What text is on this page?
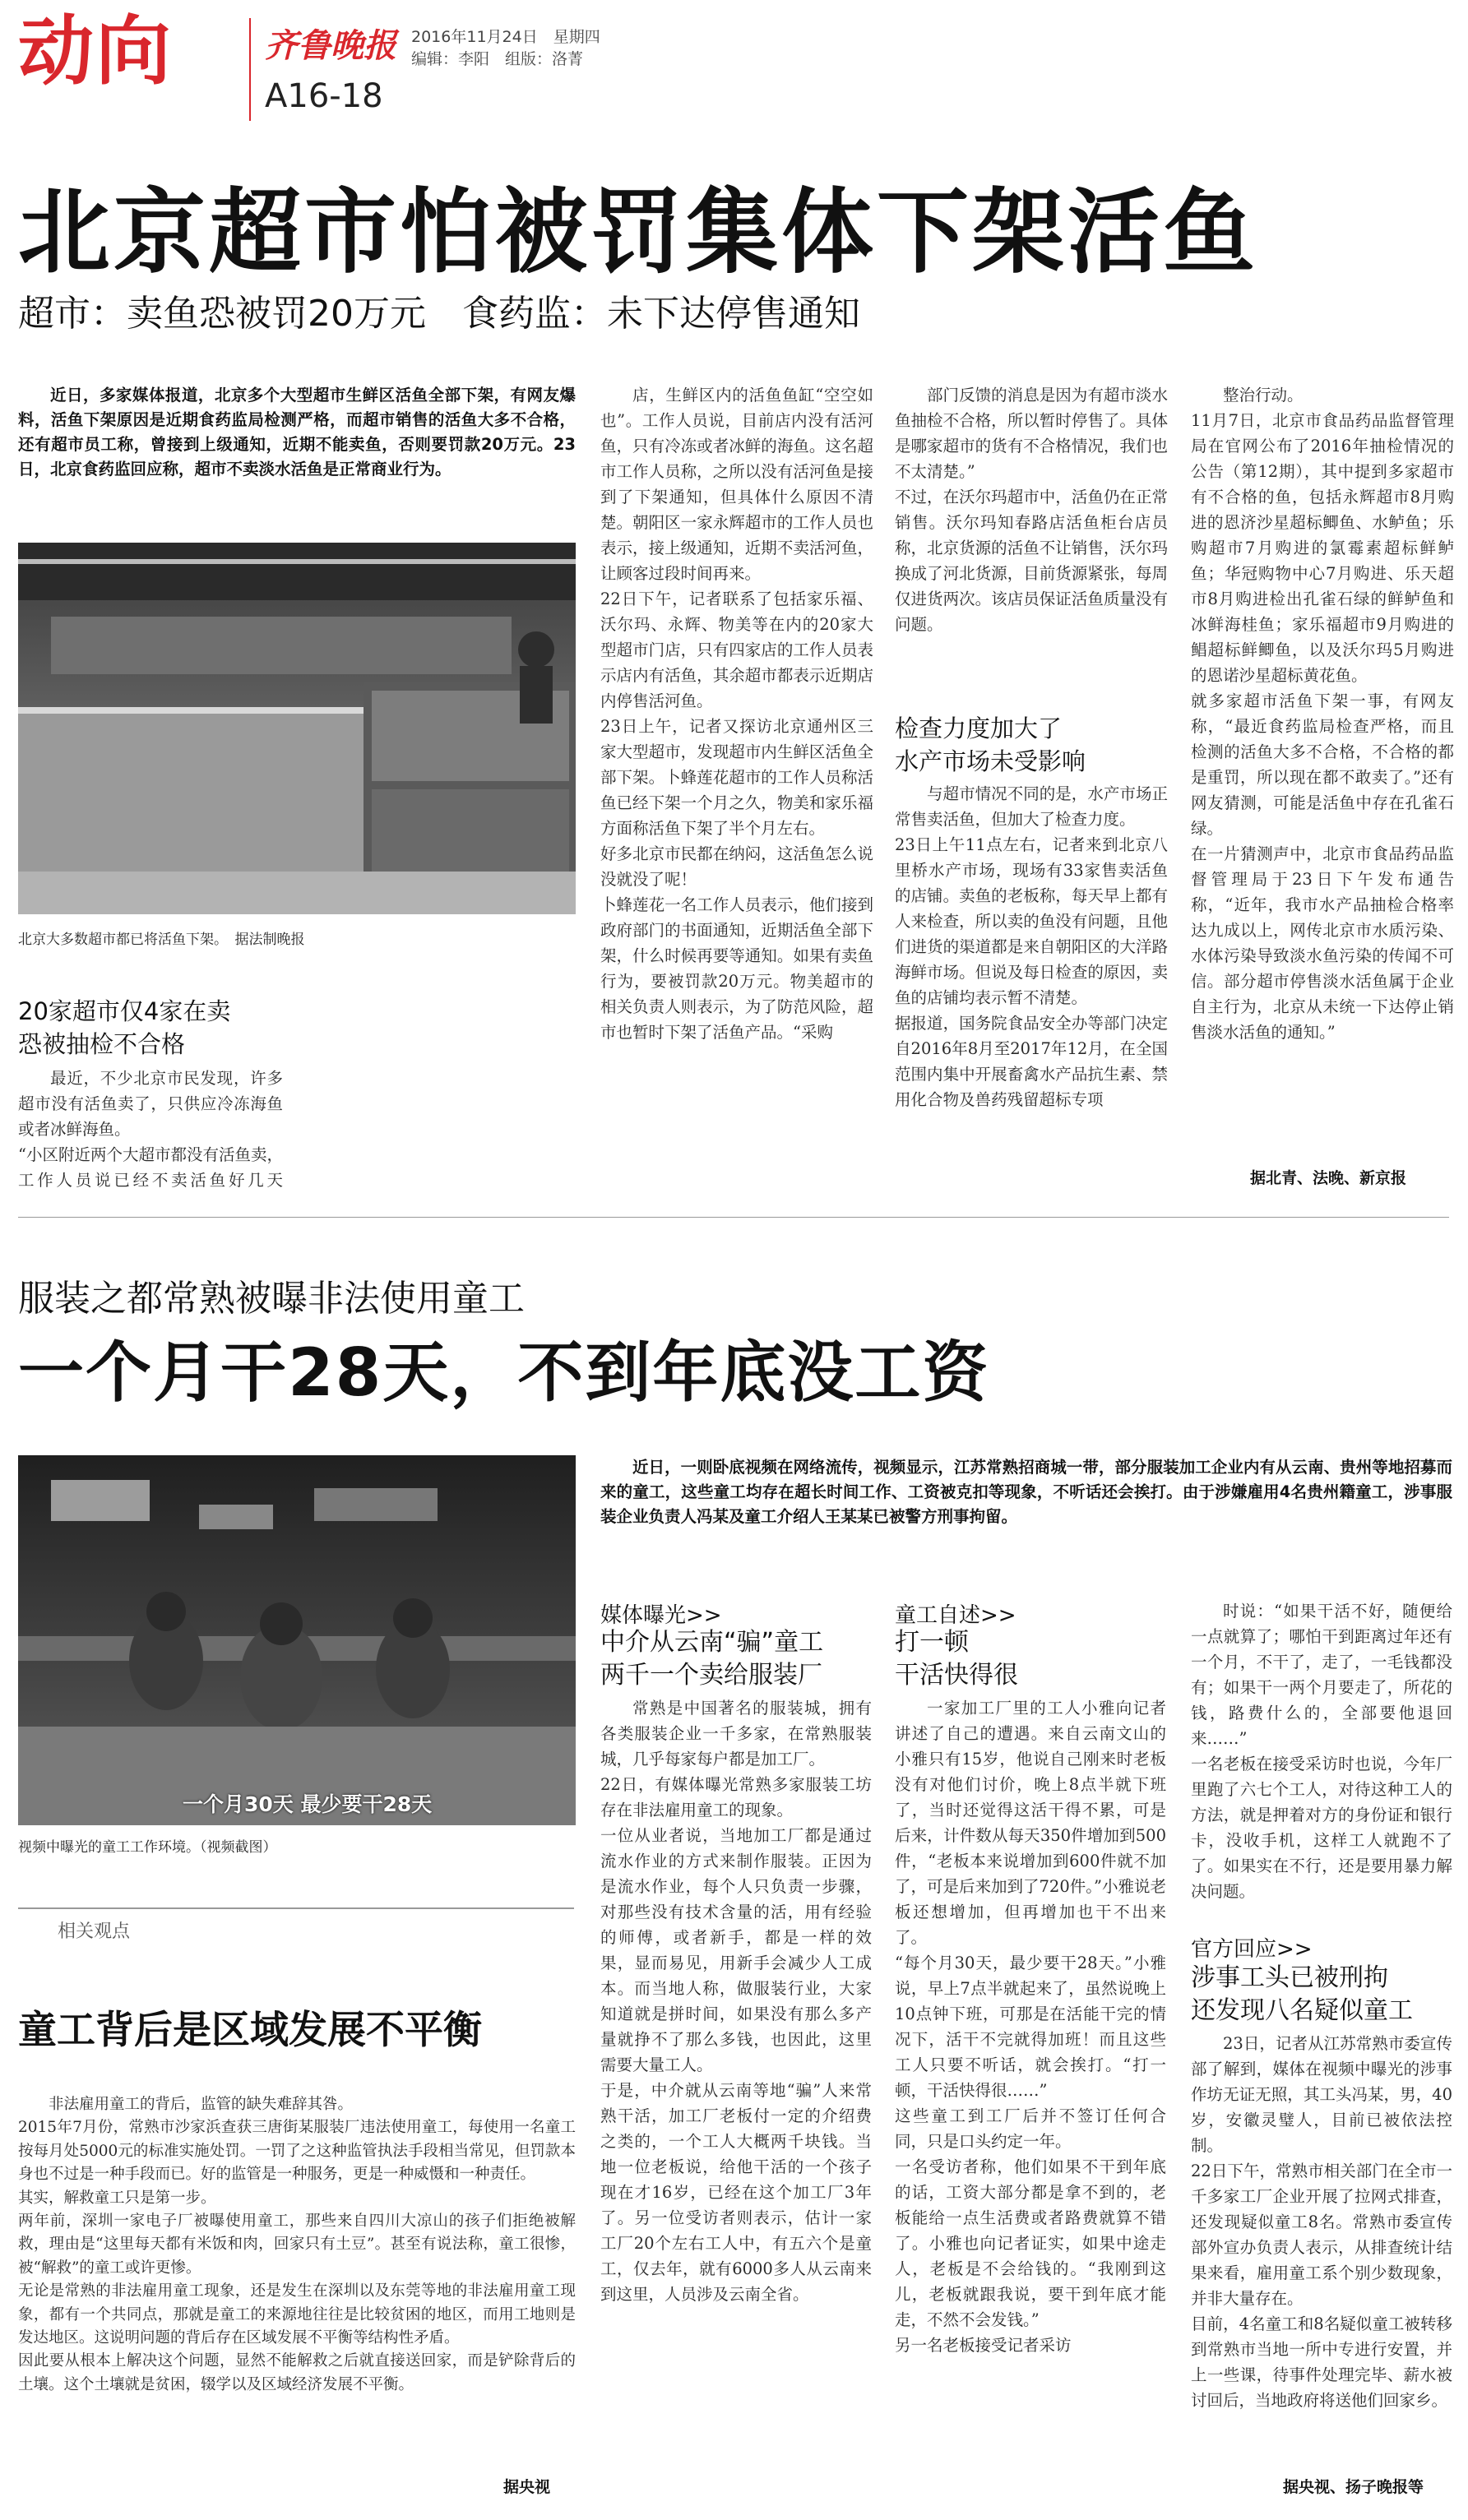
动向	齐鲁晚报 2016年11月24日　星期四
编辑：李阳　组版：洛菁
A16-18
北京超市怕被罚集体下架活鱼
超市：卖鱼恐被罚20万元　食药监：未下达停售通知
近日，多家媒体报道，北京多个大型超市生鲜区活鱼全部下架，有网友爆料，活鱼下架原因是近期食药监局检测严格，而超市销售的活鱼大多不合格，还有超市员工称，曾接到上级通知，近期不能卖鱼，否则要罚款20万元。23日，北京食药监回应称，超市不卖淡水活鱼是正常商业行为。
北京大多数超市都已将活鱼下架。　据法制晚报
20家超市仅4家在卖
恐被抽检不合格
最近，不少北京市民发现，许多超市没有活鱼卖了，只供应冷冻海鱼或者冰鲜海鱼。
“小区附近两个大超市都没有活鱼卖，工作人员说已经不卖活鱼好几天

店，生鲜区内的活鱼鱼缸“空空如也”。工作人员说，目前店内没有活河鱼，只有冷冻或者冰鲜的海鱼。这名超市工作人员称，之所以没有活河鱼是接到了下架通知，但具体什么原因不清楚。朝阳区一家永辉超市的工作人员也表示，接上级通知，近期不卖活河鱼，让顾客过段时间再来。
22日下午，记者联系了包括家乐福、沃尔玛、永辉、物美等在内的20家大型超市门店，只有四家店的工作人员表示店内有活鱼，其余超市都表示近期店内停售活河鱼。
23日上午，记者又探访北京通州区三家大型超市，发现超市内生鲜区活鱼全部下架。卜蜂莲花超市的工作人员称活鱼已经下架一个月之久，物美和家乐福方面称活鱼下架了半个月左右。
好多北京市民都在纳闷，这活鱼怎么说没就没了呢！
卜蜂莲花一名工作人员表示，他们接到政府部门的书面通知，近期活鱼全部下架，什么时候再要等通知。如果有卖鱼行为，要被罚款20万元。物美超市的相关负责人则表示，为了防范风险，超市也暂时下架了活鱼产品。“采购
部门反馈的消息是因为有超市淡水鱼抽检不合格，所以暂时停售了。具体是哪家超市的货有不合格情况，我们也不太清楚。”
不过，在沃尔玛超市中，活鱼仍在正常销售。沃尔玛知春路店活鱼柜台店员称，北京货源的活鱼不让销售，沃尔玛换成了河北货源，目前货源紧张，每周仅进货两次。该店员保证活鱼质量没有问题。
检查力度加大了
水产市场未受影响
与超市情况不同的是，水产市场正常售卖活鱼，但加大了检查力度。
23日上午11点左右，记者来到北京八里桥水产市场，现场有33家售卖活鱼的店铺。卖鱼的老板称，每天早上都有人来检查，所以卖的鱼没有问题，且他们进货的渠道都是来自朝阳区的大洋路海鲜市场。但说及每日检查的原因，卖鱼的店铺均表示暂不清楚。
据报道，国务院食品安全办等部门决定自2016年8月至2017年12月，在全国范围内集中开展畜禽水产品抗生素、禁用化合物及兽药残留超标专项
整治行动。
11月7日，北京市食品药品监督管理局在官网公布了2016年抽检情况的公告（第12期），其中提到多家超市有不合格的鱼，包括永辉超市8月购进的恩济沙星超标鲫鱼、水鲈鱼；乐购超市7月购进的氯霉素超标鲜鲈鱼；华冠购物中心7月购进、乐天超市8月购进检出孔雀石绿的鲜鲈鱼和冰鲜海桂鱼；家乐福超市9月购进的鲳超标鲜鲫鱼，以及沃尔玛5月购进的恩诺沙星超标黄花鱼。
就多家超市活鱼下架一事，有网友称，“最近食药监局检查严格，而且检测的活鱼大多不合格，不合格的都是重罚，所以现在都不敢卖了。”还有网友猜测，可能是活鱼中存在孔雀石绿。
在一片猜测声中，北京市食品药品监督管理局于23日下午发布通告称，“近年，我市水产品抽检合格率达九成以上，网传北京市水质污染、水体污染导致淡水鱼污染的传闻不可信。部分超市停售淡水活鱼属于企业自主行为，北京从未统一下达停止销售淡水活鱼的通知。”
据北青、法晚、新京报
服装之都常熟被曝非法使用童工
一个月干28天，不到年底没工资
一个月30天 最少要干28天
视频中曝光的童工工作环境。（视频截图）
相关观点
童工背后是区域发展不平衡
非法雇用童工的背后，监管的缺失难辞其咎。
2015年7月份，常熟市沙家浜查获三唐街某服装厂违法使用童工，每使用一名童工按每月处5000元的标准实施处罚。一罚了之这种监管执法手段相当常见，但罚款本身也不过是一种手段而已。好的监管是一种服务，更是一种威慑和一种责任。
其实，解救童工只是第一步。
两年前，深圳一家电子厂被曝使用童工，那些来自四川大凉山的孩子们拒绝被解救，理由是“这里每天都有米饭和肉，回家只有土豆”。甚至有说法称，童工很惨，被“解救”的童工或许更惨。
无论是常熟的非法雇用童工现象，还是发生在深圳以及东莞等地的非法雇用童工现象，都有一个共同点，那就是童工的来源地往往是比较贫困的地区，而用工地则是发达地区。这说明问题的背后存在区域发展不平衡等结构性矛盾。
因此要从根本上解决这个问题，显然不能解救之后就直接送回家，而是铲除背后的土壤。这个土壤就是贫困，辍学以及区域经济发展不平衡。
据央视
近日，一则卧底视频在网络流传，视频显示，江苏常熟招商城一带，部分服装加工企业内有从云南、贵州等地招募而来的童工，这些童工均存在超长时间工作、工资被克扣等现象，不听话还会挨打。由于涉嫌雇用4名贵州籍童工，涉事服装企业负责人冯某及童工介绍人王某某已被警方刑事拘留。
媒体曝光>>
中介从云南“骗”童工
两千一个卖给服装厂
常熟是中国著名的服装城，拥有各类服装企业一千多家，在常熟服装城，几乎每家每户都是加工厂。
22日，有媒体曝光常熟多家服装工坊存在非法雇用童工的现象。
一位从业者说，当地加工厂都是通过流水作业的方式来制作服装。正因为是流水作业，每个人只负责一步骤，对那些没有技术含量的活，用有经验的师傅，或者新手，都是一样的效果，显而易见，用新手会减少人工成本。而当地人称，做服装行业，大家知道就是拼时间，如果没有那么多产量就挣不了那么多钱，也因此，这里需要大量工人。
于是，中介就从云南等地“骗”人来常熟干活，加工厂老板付一定的介绍费之类的，一个工人大概两千块钱。当地一位老板说，给他干活的一个孩子现在才16岁，已经在这个加工厂3年了。另一位受访者则表示，估计一家工厂20个左右工人中，有五六个是童工，仅去年，就有6000多人从云南来到这里，人员涉及云南全省。
童工自述>>
打一顿
干活快得很
一家加工厂里的工人小雅向记者讲述了自己的遭遇。来自云南文山的小雅只有15岁，他说自己刚来时老板没有对他们讨价，晚上8点半就下班了，当时还觉得这活干得不累，可是后来，计件数从每天350件增加到500件，“老板本来说增加到600件就不加了，可是后来加到了720件。”小雅说老板还想增加，但再增加也干不出来了。
“每个月30天，最少要干28天。”小雅说，早上7点半就起来了，虽然说晚上10点钟下班，可那是在活能干完的情况下，活干不完就得加班！而且这些工人只要不听话，就会挨打。“打一顿，干活快得很……”
这些童工到工厂后并不签订任何合同，只是口头约定一年。
一名受访者称，他们如果不干到年底的话，工资大部分都是拿不到的，老板能给一点生活费或者路费就算不错了。小雅也向记者证实，如果中途走人，老板是不会给钱的。“我刚到这儿，老板就跟我说，要干到年底才能走，不然不会发钱。”
另一名老板接受记者采访
时说：“如果干活不好，随便给一点就算了；哪怕干到距离过年还有一个月，不干了，走了，一毛钱都没有；如果干一两个月要走了，所花的钱，路费什么的，全部要他退回来……”
一名老板在接受采访时也说，今年厂里跑了六七个工人，对待这种工人的方法，就是押着对方的身份证和银行卡，没收手机，这样工人就跑不了了。如果实在不行，还是要用暴力解决问题。
官方回应>>
涉事工头已被刑拘
还发现八名疑似童工
23日，记者从江苏常熟市委宣传部了解到，媒体在视频中曝光的涉事作坊无证无照，其工头冯某，男，40岁，安徽灵璧人，目前已被依法控制。
22日下午，常熟市相关部门在全市一千多家工厂企业开展了拉网式排查，还发现疑似童工8名。常熟市委宣传部外宣办负责人表示，从排查统计结果来看，雇用童工系个别少数现象，并非大量存在。
目前，4名童工和8名疑似童工被转移到常熟市当地一所中专进行安置，并上一些课，待事件处理完毕、薪水被讨回后，当地政府将送他们回家乡。
据央视、扬子晚报等
